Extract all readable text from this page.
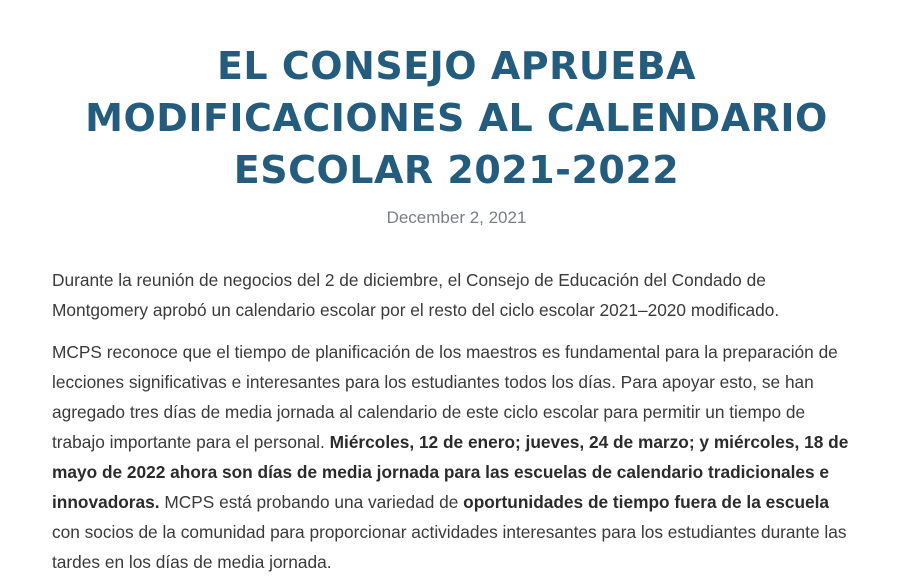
EL CONSEJO APRUEBA
MODIFICACIONES AL CALENDARIO
ESCOLAR 2021-2022
December 2, 2021

Durante la reunión de negocios del 2 de diciembre, el Consejo de Educación del Condado de Montgomery aprobó un calendario escolar por el resto del ciclo escolar 2021–2020 modificado.

MCPS reconoce que el tiempo de planificación de los maestros es fundamental para la preparación de lecciones significativas e interesantes para los estudiantes todos los días. Para apoyar esto, se han agregado tres días de media jornada al calendario de este ciclo escolar para permitir un tiempo de trabajo importante para el personal. Miércoles, 12 de enero; jueves, 24 de marzo; y miércoles, 18 de mayo de 2022 ahora son días de media jornada para las escuelas de calendario tradicionales e innovadoras. MCPS está probando una variedad de oportunidades de tiempo fuera de la escuela con socios de la comunidad para proporcionar actividades interesantes para los estudiantes durante las tardes en los días de media jornada.
